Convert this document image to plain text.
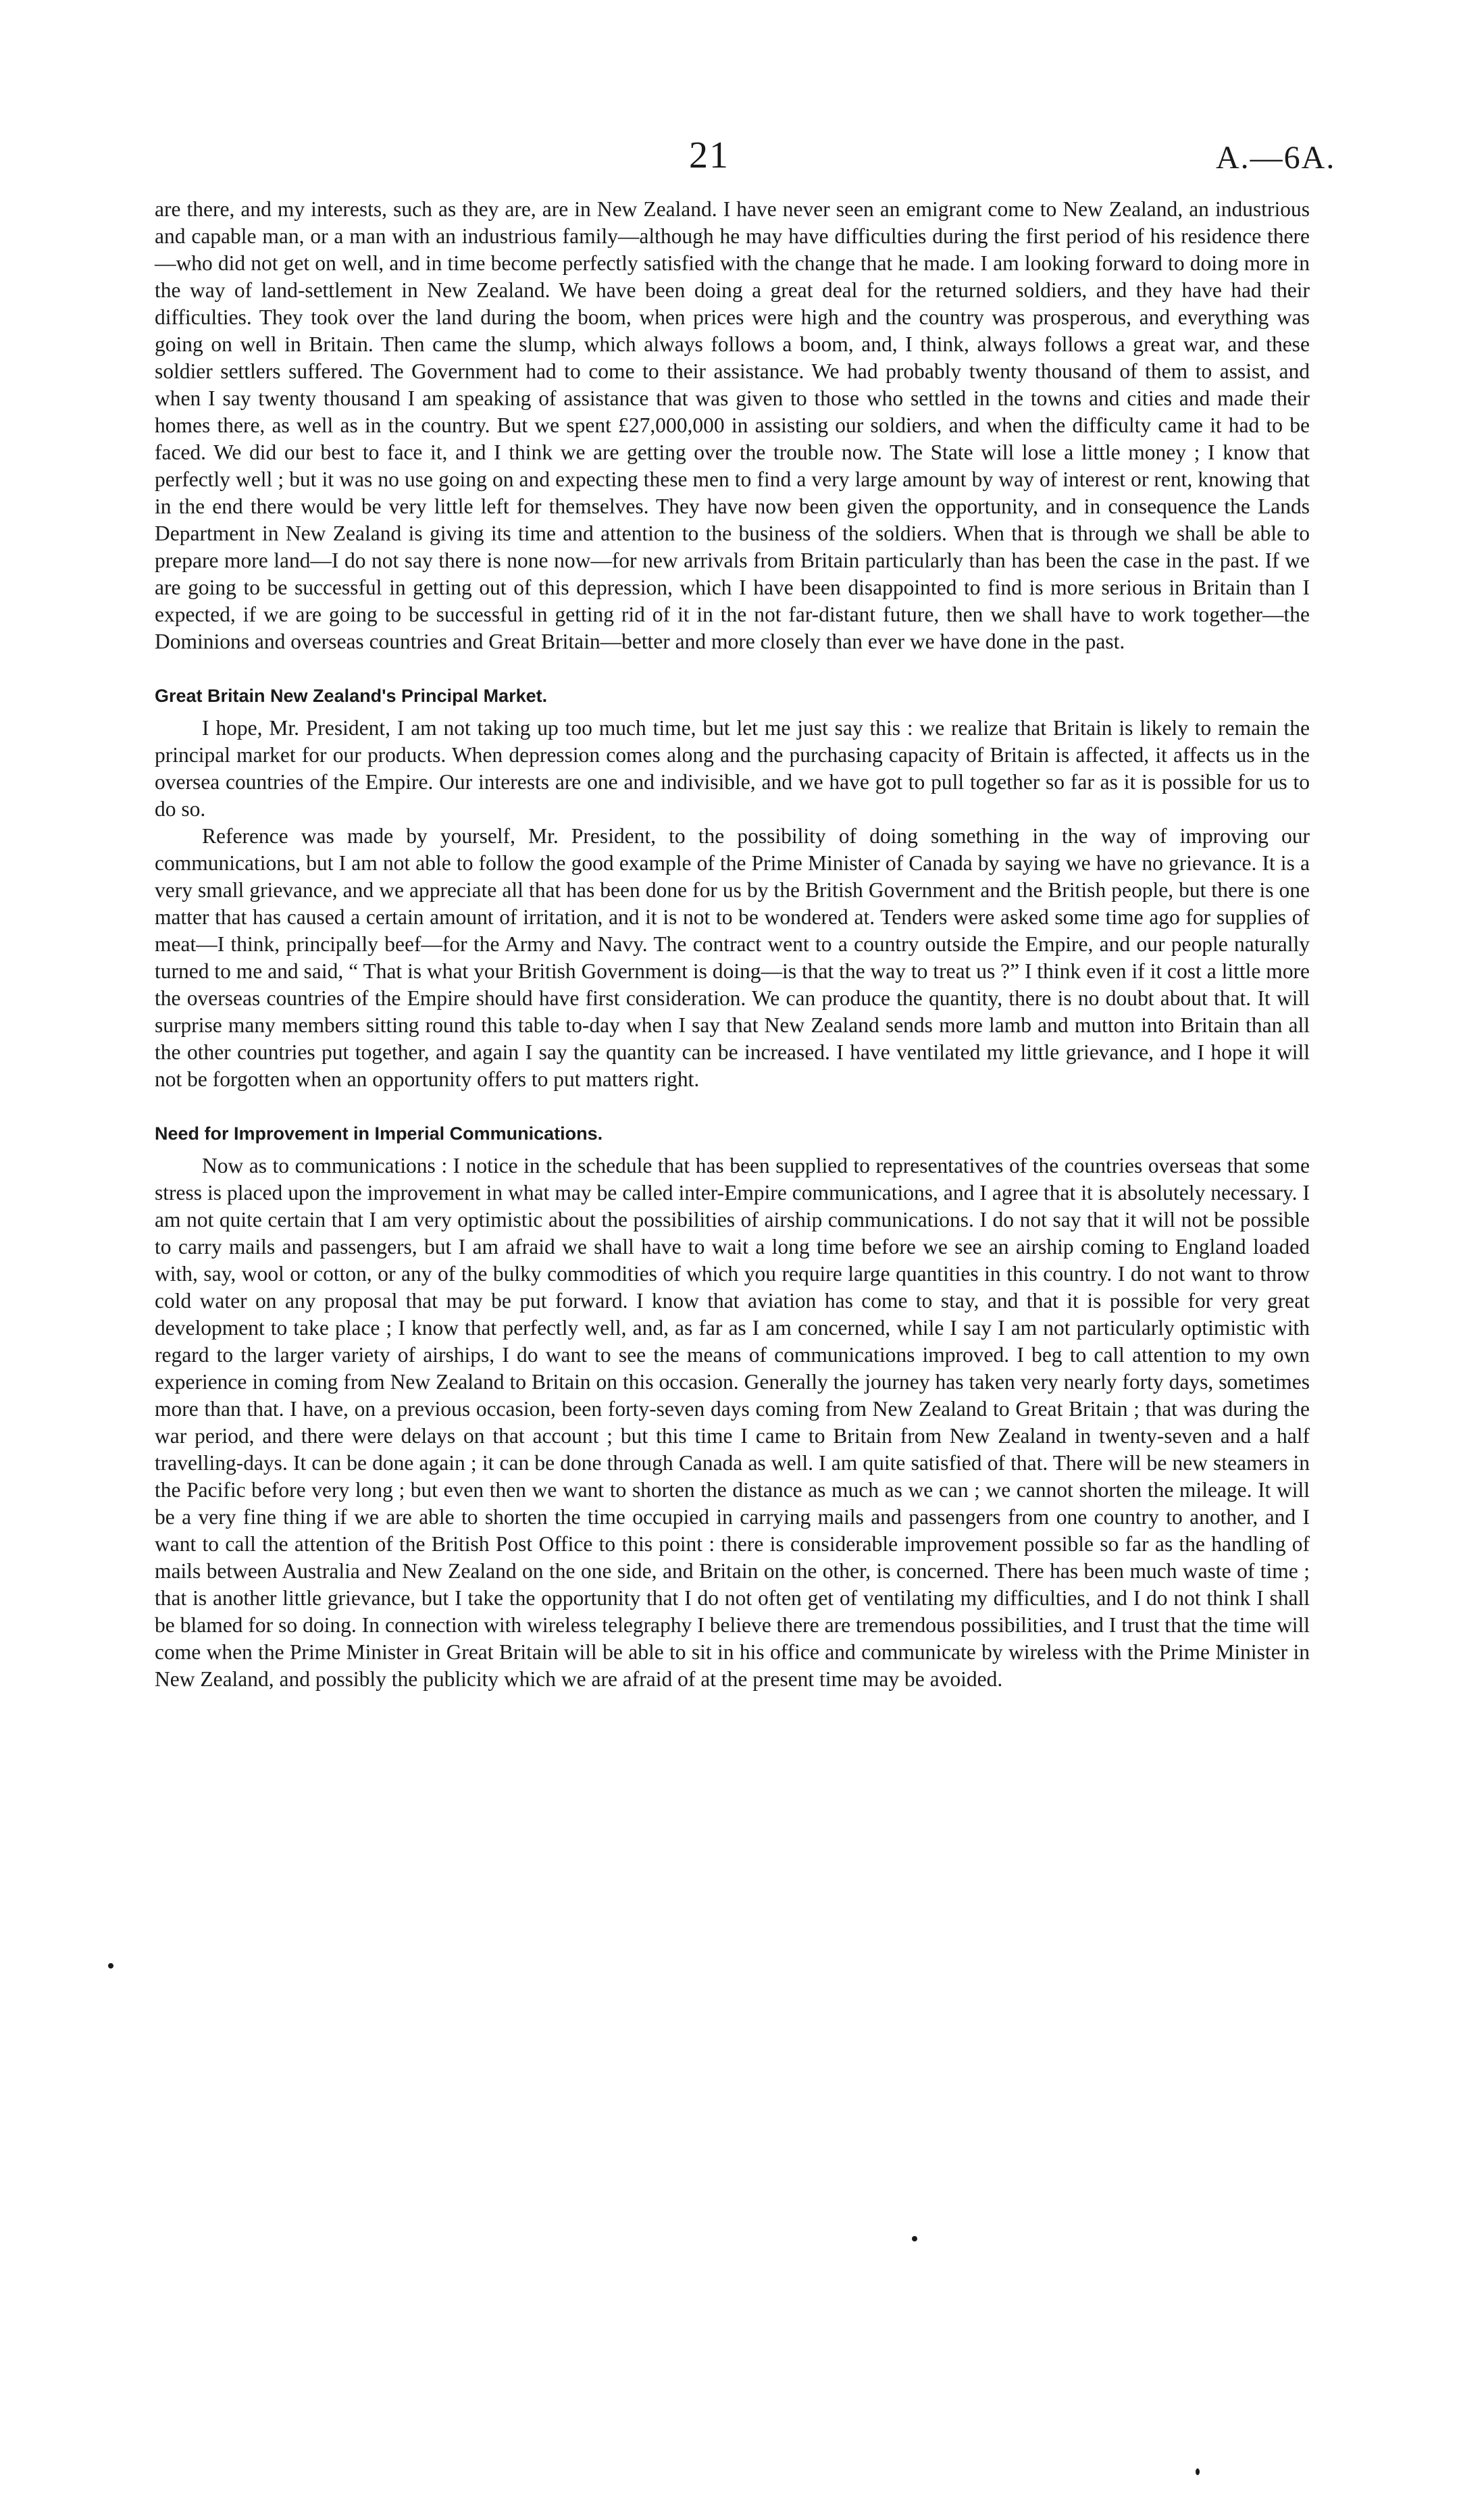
21	A.—6A.

are there, and my interests, such as they are, are in New Zealand. I have never seen an emigrant come to New Zealand, an industrious and capable man, or a man with an industrious family—although he may have difficulties during the first period of his residence there—who did not get on well, and in time become perfectly satisfied with the change that he made. I am looking forward to doing more in the way of land-settlement in New Zealand. We have been doing a great deal for the returned soldiers, and they have had their difficulties. They took over the land during the boom, when prices were high and the country was prosperous, and everything was going on well in Britain. Then came the slump, which always follows a boom, and, I think, always follows a great war, and these soldier settlers suffered. The Government had to come to their assistance. We had probably twenty thousand of them to assist, and when I say twenty thousand I am speaking of assistance that was given to those who settled in the towns and cities and made their homes there, as well as in the country. But we spent £27,000,000 in assisting our soldiers, and when the difficulty came it had to be faced. We did our best to face it, and I think we are getting over the trouble now. The State will lose a little money ; I know that perfectly well ; but it was no use going on and expecting these men to find a very large amount by way of interest or rent, knowing that in the end there would be very little left for themselves. They have now been given the opportunity, and in consequence the Lands Department in New Zealand is giving its time and attention to the business of the soldiers. When that is through we shall be able to prepare more land—I do not say there is none now—for new arrivals from Britain particularly than has been the case in the past. If we are going to be successful in getting out of this depression, which I have been disappointed to find is more serious in Britain than I expected, if we are going to be successful in getting rid of it in the not far-distant future, then we shall have to work together—the Dominions and overseas countries and Great Britain—better and more closely than ever we have done in the past.

Great Britain New Zealand's Principal Market.

I hope, Mr. President, I am not taking up too much time, but let me just say this : we realize that Britain is likely to remain the principal market for our products. When depression comes along and the purchasing capacity of Britain is affected, it affects us in the oversea countries of the Empire. Our interests are one and indivisible, and we have got to pull together so far as it is possible for us to do so.

Reference was made by yourself, Mr. President, to the possibility of doing something in the way of improving our communications, but I am not able to follow the good example of the Prime Minister of Canada by saying we have no grievance. It is a very small grievance, and we appreciate all that has been done for us by the British Government and the British people, but there is one matter that has caused a certain amount of irritation, and it is not to be wondered at. Tenders were asked some time ago for supplies of meat—I think, principally beef—for the Army and Navy. The contract went to a country outside the Empire, and our people naturally turned to me and said, “ That is what your British Government is doing—is that the way to treat us ?” I think even if it cost a little more the overseas countries of the Empire should have first consideration. We can produce the quantity, there is no doubt about that. It will surprise many members sitting round this table to-day when I say that New Zealand sends more lamb and mutton into Britain than all the other countries put together, and again I say the quantity can be increased. I have ventilated my little grievance, and I hope it will not be forgotten when an opportunity offers to put matters right.

Need for Improvement in Imperial Communications.

Now as to communications : I notice in the schedule that has been supplied to representatives of the countries overseas that some stress is placed upon the improvement in what may be called inter-Empire communications, and I agree that it is absolutely necessary. I am not quite certain that I am very optimistic about the possibilities of airship communications. I do not say that it will not be possible to carry mails and passengers, but I am afraid we shall have to wait a long time before we see an airship coming to England loaded with, say, wool or cotton, or any of the bulky commodities of which you require large quantities in this country. I do not want to throw cold water on any proposal that may be put forward. I know that aviation has come to stay, and that it is possible for very great development to take place ; I know that perfectly well, and, as far as I am concerned, while I say I am not particularly optimistic with regard to the larger variety of airships, I do want to see the means of communications improved. I beg to call attention to my own experience in coming from New Zealand to Britain on this occasion. Generally the journey has taken very nearly forty days, sometimes more than that. I have, on a previous occasion, been forty-seven days coming from New Zealand to Great Britain ; that was during the war period, and there were delays on that account ; but this time I came to Britain from New Zealand in twenty-seven and a half travelling-days. It can be done again ; it can be done through Canada as well. I am quite satisfied of that. There will be new steamers in the Pacific before very long ; but even then we want to shorten the distance as much as we can ; we cannot shorten the mileage. It will be a very fine thing if we are able to shorten the time occupied in carrying mails and passengers from one country to another, and I want to call the attention of the British Post Office to this point : there is considerable improvement possible so far as the handling of mails between Australia and New Zealand on the one side, and Britain on the other, is concerned. There has been much waste of time ; that is another little grievance, but I take the opportunity that I do not often get of ventilating my difficulties, and I do not think I shall be blamed for so doing. In connection with wireless telegraphy I believe there are tremendous possibilities, and I trust that the time will come when the Prime Minister in Great Britain will be able to sit in his office and communicate by wireless with the Prime Minister in New Zealand, and possibly the publicity which we are afraid of at the present time may be avoided.
